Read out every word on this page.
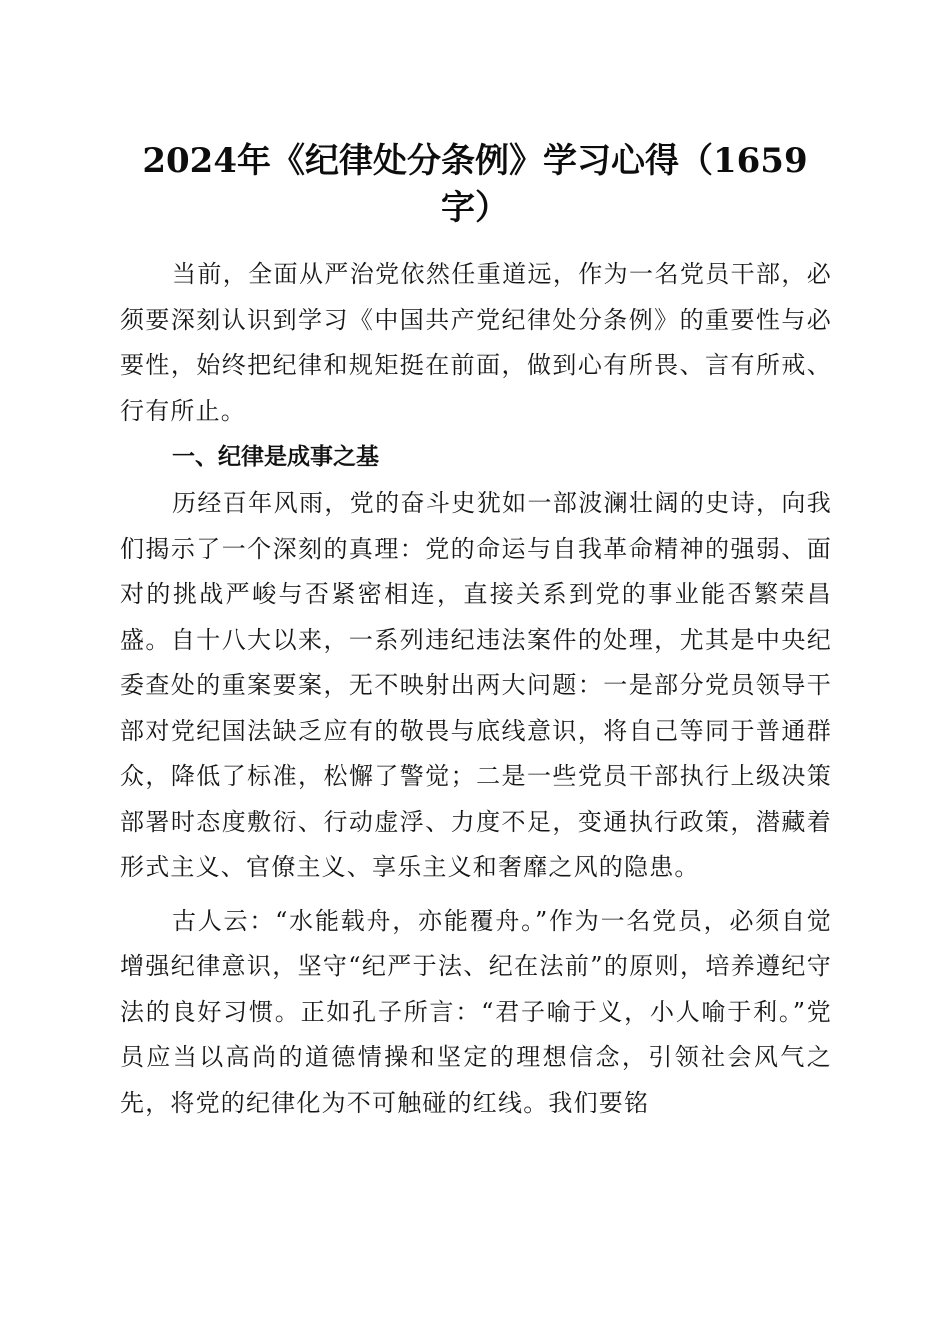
2024年《纪律处分条例》学习心得（1659字）

当前，全面从严治党依然任重道远，作为一名党员干部，必须要深刻认识到学习《中国共产党纪律处分条例》的重要性与必要性，始终把纪律和规矩挺在前面，做到心有所畏、言有所戒、行有所止。

一、纪律是成事之基

历经百年风雨，党的奋斗史犹如一部波澜壮阔的史诗，向我们揭示了一个深刻的真理：党的命运与自我革命精神的强弱、面对的挑战严峻与否紧密相连，直接关系到党的事业能否繁荣昌盛。自十八大以来，一系列违纪违法案件的处理，尤其是中央纪委查处的重案要案，无不映射出两大问题：一是部分党员领导干部对党纪国法缺乏应有的敬畏与底线意识，将自己等同于普通群众，降低了标准，松懈了警觉；二是一些党员干部执行上级决策部署时态度敷衍、行动虚浮、力度不足，变通执行政策，潜藏着形式主义、官僚主义、享乐主义和奢靡之风的隐患。

古人云：“水能载舟，亦能覆舟。”作为一名党员，必须自觉增强纪律意识，坚守“纪严于法、纪在法前”的原则，培养遵纪守法的良好习惯。正如孔子所言：“君子喻于义，小人喻于利。”党员应当以高尚的道德情操和坚定的理想信念，引领社会风气之先，将党的纪律化为不可触碰的红线。我们要铭
